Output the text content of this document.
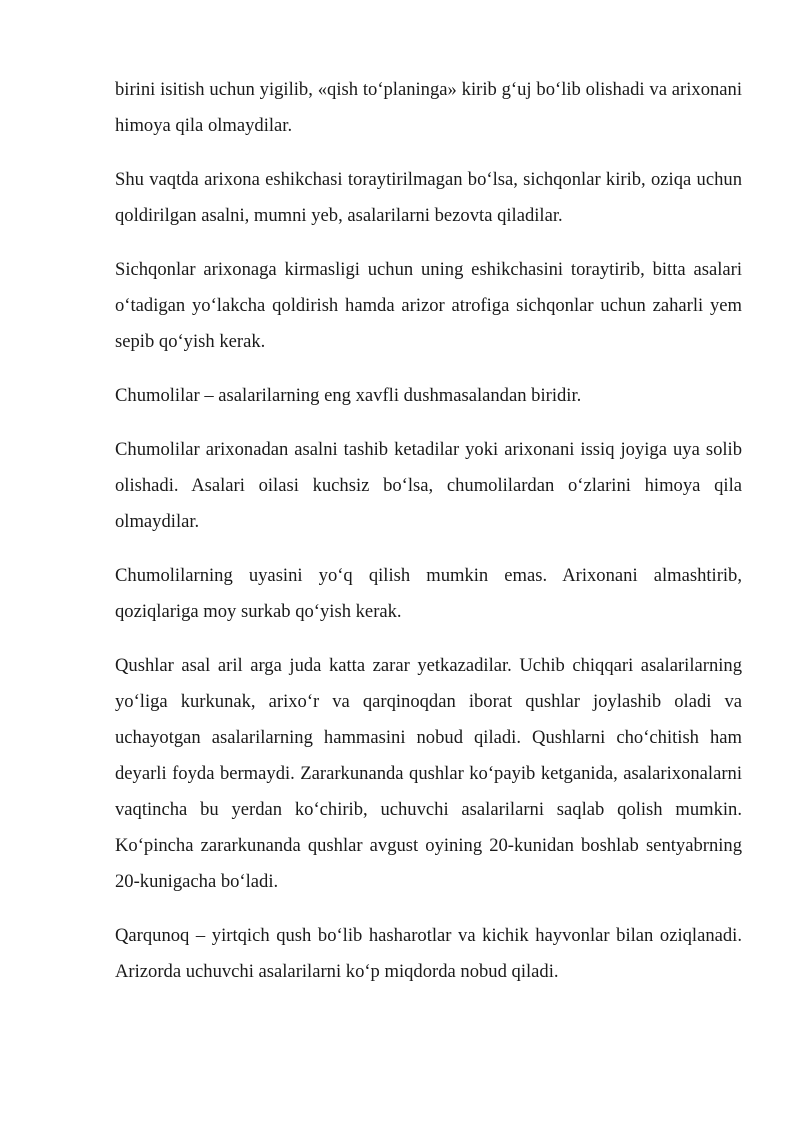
birini isitish uchun yigilib, «qish to‘planinga» kirib g‘uj bo‘lib olishadi va arixonani himoya qila olmaydilar.

Shu vaqtda arixona eshikchasi toraytirilmagan bo‘lsa, sichqonlar kirib, oziqa uchun qoldirilgan asalni, mumni yeb, asalarilarni bezovta qiladilar.

Sichqonlar arixonaga kirmasligi uchun uning eshikchasini toraytirib, bitta asalari o‘tadigan yo‘lakcha qoldirish hamda arizor atrofiga sichqonlar uchun zaharli yem sepib qo‘yish kerak.

Chumolilar – asalarilarning eng xavfli dushmasalandan biridir.

Chumolilar arixonadan asalni tashib ketadilar yoki arixonani issiq joyiga uya solib olishadi. Asalari oilasi kuchsiz bo‘lsa, chumolilardan o‘zlarini himoya qila olmaydilar.

Chumolilarning uyasini yo‘q qilish mumkin emas. Arixonani almashtirib, qoziqlariga moy surkab qo‘yish kerak.

Qushlar asal aril arga juda katta zarar yetkazadilar. Uchib chiqqari asalarilarning yo‘liga kurkunak, arixo‘r va qarqinoqdan iborat qushlar joylashib oladi va uchayotgan asalarilarning hammasini nobud qiladi. Qushlarni cho‘chitish ham deyarli foyda bermaydi. Zararkunanda qushlar ko‘payib ketganida, asalarixonalarni vaqtincha bu yerdan ko‘chirib, uchuvchi asalarilarni saqlab qolish mumkin. Ko‘pincha zararkunanda qushlar avgust oyining 20-kunidan boshlab sentyabrning 20-kunigacha bo‘ladi.

Qarqunoq – yirtqich qush bo‘lib hasharotlar va kichik hayvonlar bilan oziqlanadi. Arizorda uchuvchi asalarilarni ko‘p miqdorda nobud qiladi.
